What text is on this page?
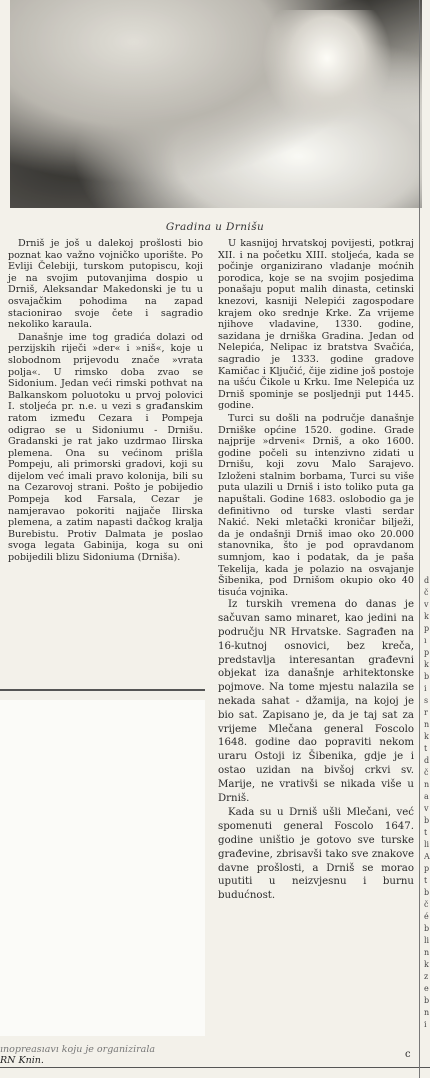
Gradina u Drnišu

Drniš je još u dalekoj prošlosti bio poznat kao važno vojničko uporište. Po Evliji Čelebiji, turskom putopiscu, koji je na svojim putovanjima dospio u Drniš, Aleksandar Makedonski je tu u osvajačkim pohodima na zapad stacionirao svoje čete i sagradio nekoliko karaula.

Današnje ime tog gradića dolazi od perzijskih riječi »der« i »niš«, koje u slobodnom prijevodu znače »vrata polja«. U rimsko doba zvao se Sidonium. Jedan veći rimski pothvat na Balkanskom poluotoku u prvoj polovici I. stoljeća pr. n.e. u vezi s građanskim ratom između Cezara i Pompeja odigrao se u Sidoniumu - Drnišu. Gradanski je rat jako uzdrmao Ilirska plemena. Ona su većinom prišla Pompeju, ali primorski gradovi, koji su dijelom već imali pravo kolonija, bili su na Cezarovoj strani. Pošto je pobijedio Pompeja kod Farsala, Cezar je namjeravao pokoriti najjače Ilirska plemena, a zatim napasti dačkog kralja Burebistu. Protiv Dalmata je poslao svoga legata Gabinija, koga su oni pobijedili blizu Sidoniuma (Drniša).

U kasnijoj hrvatskoj povijesti, potkraj XII. i na početku XIII. stoljeća, kada se počinje organizirano vladanje moćnih porodica, koje se na svojim posjedima ponašaju poput malih dinasta, cetinski knezovi, kasniji Nelepići zagospodare krajem oko srednje Krke. Za vrijeme njihove vladavine, 1330. godine, sazidana je drniška Gradina. Jedan od Nelepića, Nelipac iz bratstva Svačića, sagradio je 1333. godine gradove Kamičac i Ključić, čije zidine još postoje na ušću Čikole u Krku. Ime Nelepića uz Drniš spominje se posljednji put 1445. godine.

Turci su došli na područje današnje Drniške općine 1520. godine. Grade najprije »drveni« Drniš, a oko 1600. godine počeli su intenzivno zidati u Drnišu, koji zovu Malo Sarajevo. Izloženi stalnim borbama, Turci su više puta ulazili u Drniš i isto toliko puta ga napuštali. Godine 1683. oslobodio ga je definitivno od turske vlasti serdar Nakić. Neki mletački kroničar bilježi, da je ondašnji Drniš imao oko 20.000 stanovnika, što je pod opravdanom sumnjom, kao i podatak, da je paša Tekelija, kada je polazio na osvajanje Šibenika, pod Drnišom okupio oko 40 tisuća vojnika.

Iz turskih vremena do danas je sačuvan samo minaret, kao jedini na području NR Hrvatske. Sagrađen na 16-kutnoj osnovici, bez kreča, predstavlja interesantan građevni objekat iza današnje arhitektonske pojmove. Na tome mjestu nalazila se nekada sahat - džamija, na kojoj je bio sat. Zapisano je, da je taj sat za vrijeme Mlečana general Foscolo 1648. godine dao popraviti nekom uraru Ostoji iz Šibenika, gdje je i ostao uzidan na bivšoj crkvi sv. Marije, ne vrativši se nikada više u Drniš.

Kada su u Drniš ušli Mlečani, već spomenuti general Foscolo 1647. godine uništio je gotovo sve turske građevine, zbrisavši tako sve znakove davne prošlosti, a Drniš se morao uputiti u neizvjesnu i burnu budućnost.

ınopreasıavı koju je organizirala
RN Knin.
c
d
č
v
k
p
ı
p
k
b
i
s
r
n
k
t
d
č
n
a
v
b
t
li
A
p
t
b
č
é
b
li
n
k
z
e
b
n
i
